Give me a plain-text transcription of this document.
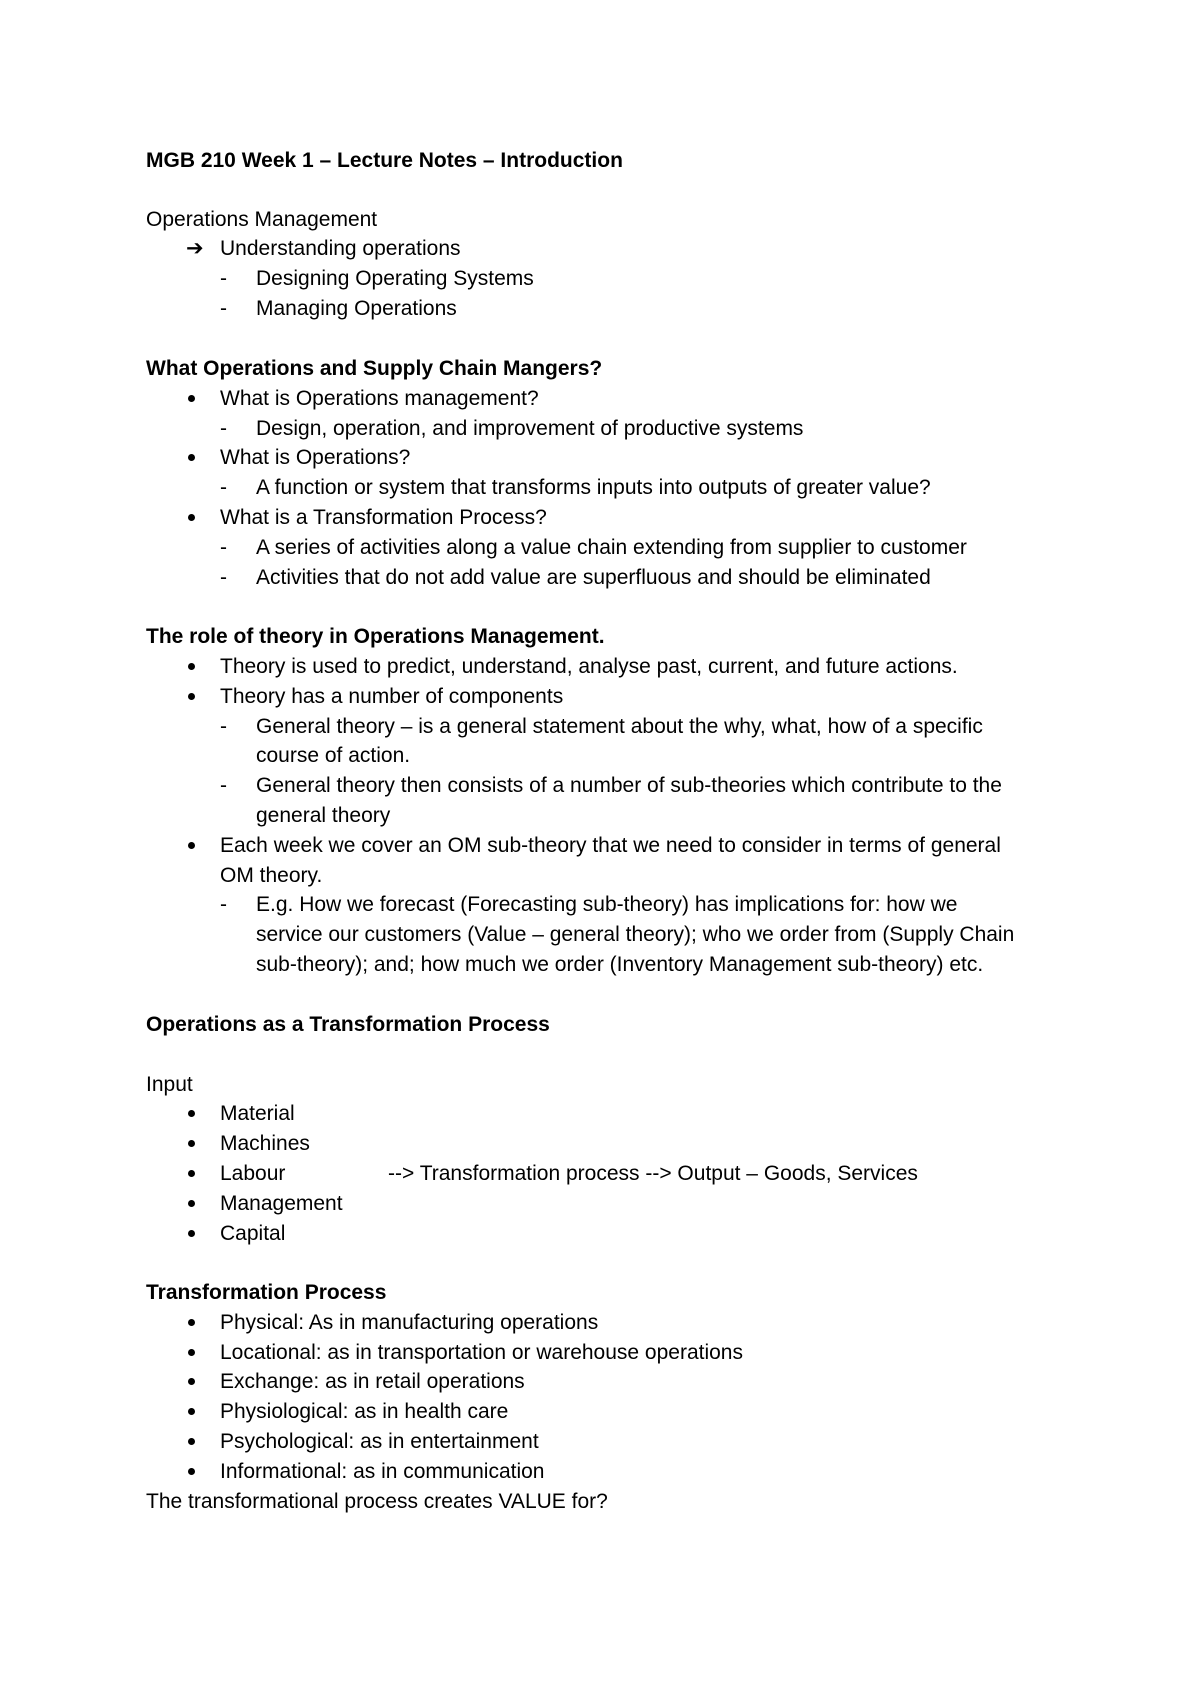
MGB 210 Week 1 – Lecture Notes – Introduction
Operations Management
➔ Understanding operations
- Designing Operating Systems
- Managing Operations
What Operations and Supply Chain Mangers?
What is Operations management?
- Design, operation, and improvement of productive systems
What is Operations?
- A function or system that transforms inputs into outputs of greater value?
What is a Transformation Process?
- A series of activities along a value chain extending from supplier to customer
- Activities that do not add value are superfluous and should be eliminated
The role of theory in Operations Management.
Theory is used to predict, understand, analyse past, current, and future actions.
Theory has a number of components
- General theory – is a general statement about the why, what, how of a specific
course of action.
- General theory then consists of a number of sub-theories which contribute to the
general theory
Each week we cover an OM sub-theory that we need to consider in terms of general
OM theory.
- E.g. How we forecast (Forecasting sub-theory) has implications for: how we
service our customers (Value – general theory); who we order from (Supply Chain
sub-theory); and; how much we order (Inventory Management sub-theory) etc.
Operations as a Transformation Process
Input
Material
Machines
Labour	--> Transformation process --> Output – Goods, Services
Management
Capital
Transformation Process
Physical: As in manufacturing operations
Locational: as in transportation or warehouse operations
Exchange: as in retail operations
Physiological: as in health care
Psychological: as in entertainment
Informational: as in communication
The transformational process creates VALUE for?
